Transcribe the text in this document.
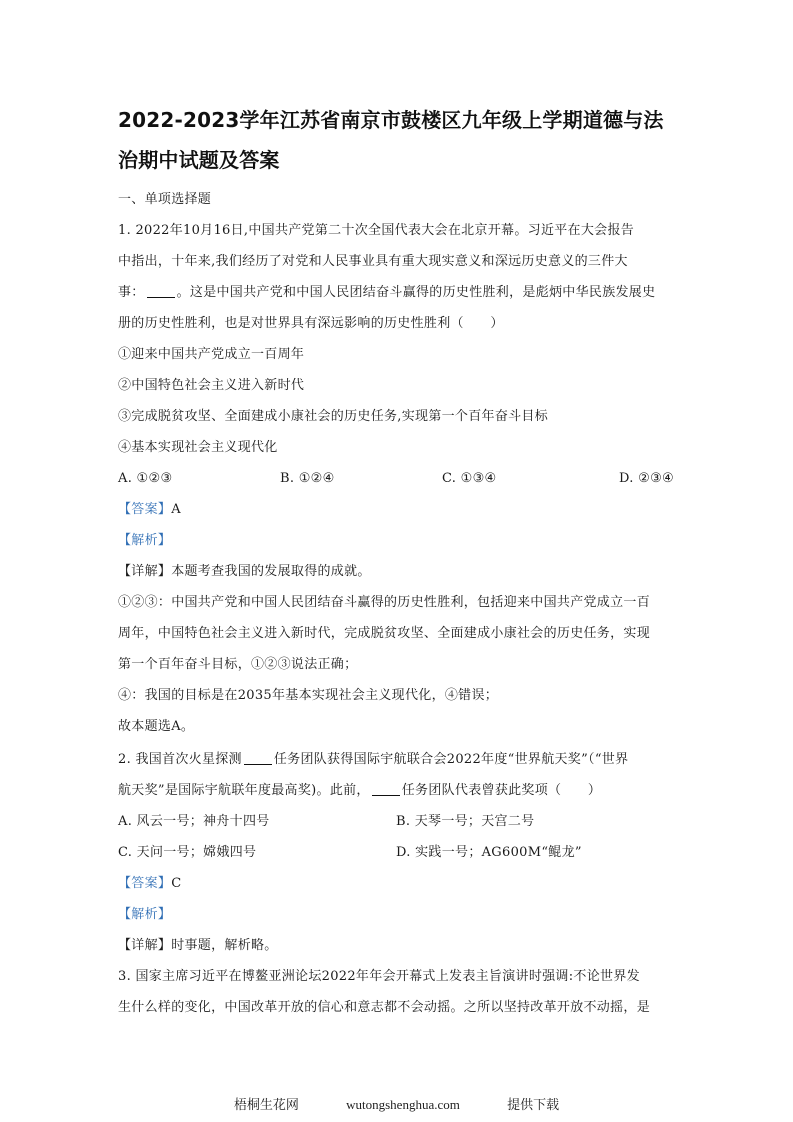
2022-2023学年江苏省南京市鼓楼区九年级上学期道德与法
治期中试题及答案
一、单项选择题
1. 2022年10月16日,中国共产党第二十次全国代表大会在北京开幕。习近平在大会报告
中指出，十年来,我们经历了对党和人民事业具有重大现实意义和深远历史意义的三件大
事： 。这是中国共产党和中国人民团结奋斗赢得的历史性胜利，是彪炳中华民族发展史
册的历史性胜利，也是对世界具有深远影响的历史性胜利（　　）
①迎来中国共产党成立一百周年
②中国特色社会主义进入新时代
③完成脱贫攻坚、全面建成小康社会的历史任务,实现第一个百年奋斗目标
④基本实现社会主义现代化
A. ①②③	B. ①②④	C. ①③④	D. ②③④
【答案】A
【解析】
【详解】本题考查我国的发展取得的成就。
①②③：中国共产党和中国人民团结奋斗赢得的历史性胜利，包括迎来中国共产党成立一百
周年，中国特色社会主义进入新时代，完成脱贫攻坚、全面建成小康社会的历史任务，实现
第一个百年奋斗目标，①②③说法正确；
④：我国的目标是在2035年基本实现社会主义现代化，④错误；
故本题选A。
2. 我国首次火星探测 任务团队获得国际宇航联合会2022年度“世界航天奖”（“世界
航天奖”是国际宇航联年度最高奖)。此前， 任务团队代表曾获此奖项（　　）
A. 风云一号；神舟十四号	B. 天琴一号；天宫二号
C. 天问一号；嫦娥四号	D. 实践一号；AG600M“鲲龙”
【答案】C
【解析】
【详解】时事题，解析略。
3. 国家主席习近平在博鳌亚洲论坛2022年年会开幕式上发表主旨演讲时强调:不论世界发
生什么样的变化，中国改革开放的信心和意志都不会动摇。之所以坚持改革开放不动摇，是
梧桐生花网	wutongshenghua.com	提供下载
